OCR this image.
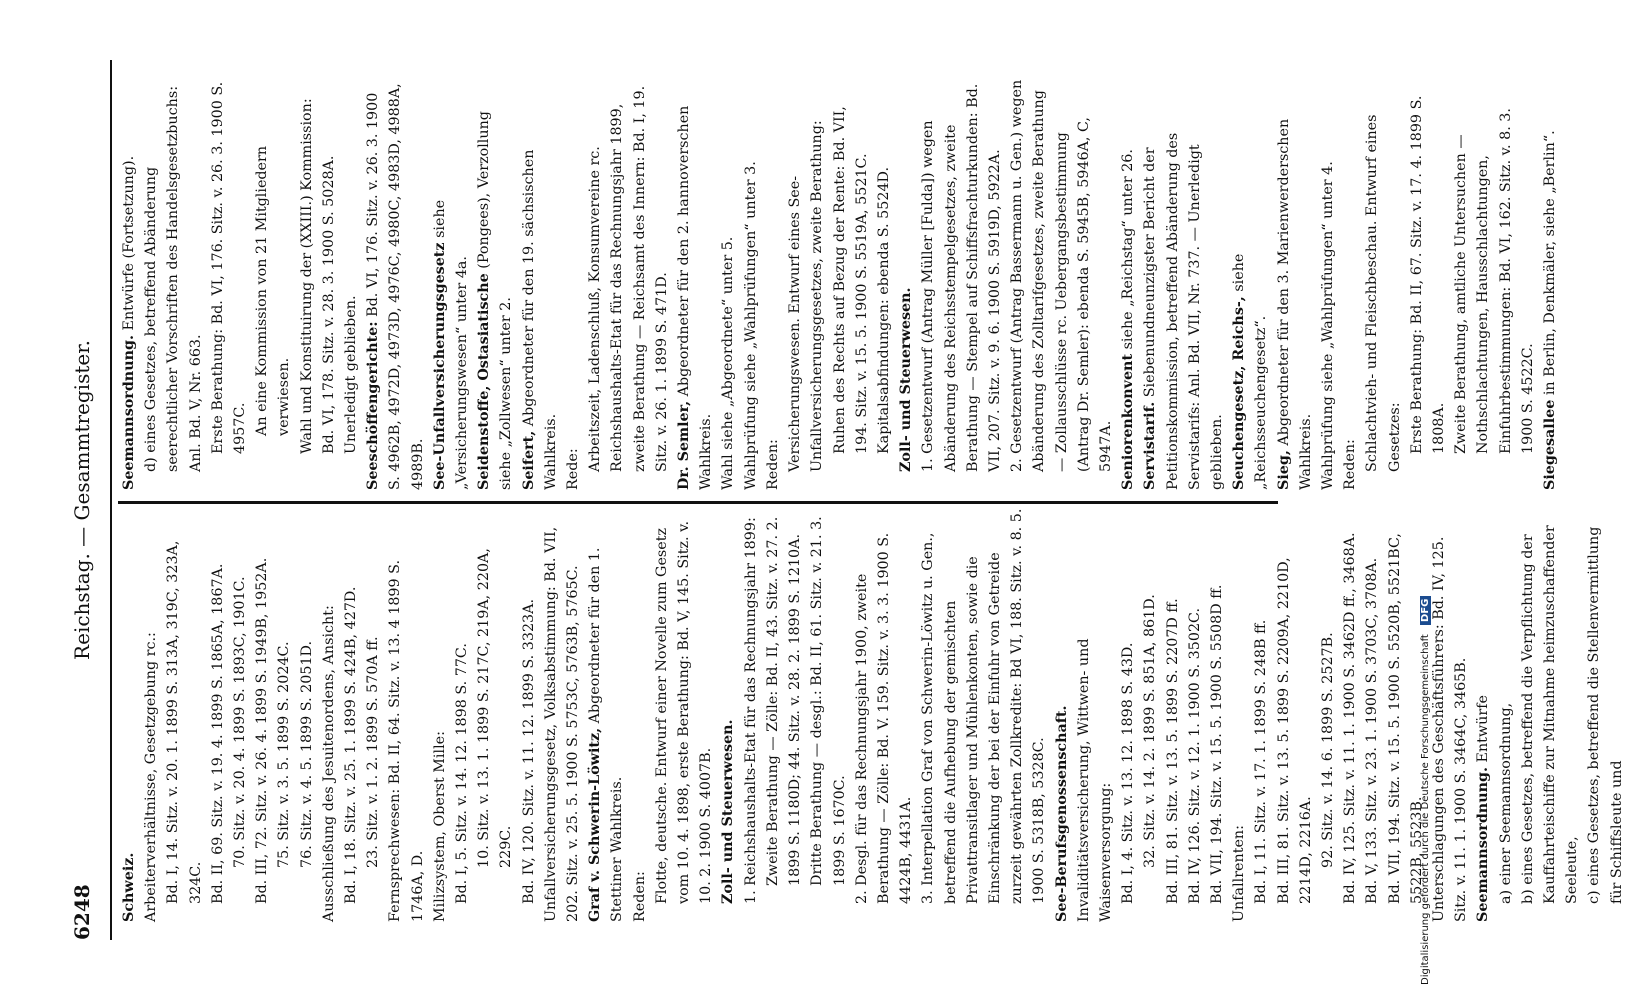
6248
Reichstag. — Gesammtregister.

Schweiz. Arbeiterverhältnisse, Gesetzgebung rc.: Bd. I, 14. Sitz. v. 20. 1. 1899 S. 313A, 319C, 323A, 324C. Bd. II, 69. Sitz. v. 19. 4. 1899 S. 1865A, 1867A. 70. Sitz. v. 20. 4. 1899 S. 1893C, 1901C. Bd. III, 72. Sitz. v. 26. 4. 1899 S. 1949B, 1952A. 75. Sitz. v. 3. 5. 1899 S. 2024C. 76. Sitz. v. 4. 5. 1899 S. 2051D. Ausschließung des Jesuitenordens, Ansicht: Bd. I, 18. Sitz. v. 25. 1. 1899 S. 424B, 427D. 23. Sitz. v. 1. 2. 1899 S. 570A ff. Fernsprechwesen: Bd. II, 64. Sitz. v. 13. 4 1899 S. 1746A, D. Milizsystem, Oberst Mille: Bd. I, 5. Sitz. v. 14. 12. 1898 S. 77C. 10. Sitz. v. 13. 1. 1899 S. 217C, 219A, 220A, 229C. Bd. IV, 120. Sitz. v. 11. 12. 1899 S. 3323A. Unfallversicherungsgesetz, Volksabstimmung: Bd. VII, 202. Sitz. v. 25. 5. 1900 S. 5753C, 5763B, 5765C. Graf v. Schwerin-Löwitz, Abgeordneter für den 1. Stettiner Wahlkreis. Reden: Flotte, deutsche. Entwurf einer Novelle zum Gesetz vom 10. 4. 1898, erste Berathung: Bd. V, 145. Sitz. v. 10. 2. 1900 S. 4007B. Zoll- und Steuerwesen. 1. Reichshaushalts-Etat für das Rechnungsjahr 1899: Zweite Berathung — Zölle: Bd. II, 43. Sitz. v. 27. 2. 1899 S. 1180D; 44. Sitz. v. 28. 2. 1899 S. 1210A. Dritte Berathung — desgl.: Bd. II, 61. Sitz. v. 21. 3. 1899 S. 1670C. 2. Desgl. für das Rechnungsjahr 1900, zweite Berathung — Zölle: Bd. V. 159. Sitz. v. 3. 3. 1900 S. 4424B, 4431A. 3. Interpellation Graf von Schwerin-Löwitz u. Gen., betreffend die Aufhebung der gemischten Privattransitlager und Mühlenkonten, sowie die Einschränkung der bei der Einfuhr von Getreide zurzeit gewährten Zollkredite: Bd VI, 188. Sitz. v. 8. 5. 1900 S. 5318B, 5328C. See-Berufsgenossenschaft. Invaliditätsversicherung, Wittwen- und Waisenversorgung: Bd. I, 4. Sitz. v. 13. 12. 1898 S. 43D. 32. Sitz. v. 14. 2. 1899 S. 851A, 861D. Bd. III, 81. Sitz. v. 13. 5. 1899 S. 2207D ff. Bd. IV, 126. Sitz. v. 12. 1. 1900 S. 3502C. Bd. VII, 194. Sitz. v. 15. 5. 1900 S. 5508D ff. Unfallrenten: Bd. I, 11. Sitz. v. 17. 1. 1899 S. 248B ff. Bd. III, 81. Sitz. v. 13. 5. 1899 S. 2209A, 2210D, 2214D, 2216A. 92. Sitz. v. 14. 6. 1899 S. 2527B. Bd. IV, 125. Sitz. v. 11. 1. 1900 S. 3462D ff., 3468A. Bd. V, 133. Sitz. v. 23. 1. 1900 S. 3703C, 3708A. Bd. VII, 194. Sitz. v. 15. 5. 1900 S. 5520B, 5521BC, 5522B, 5523B. Unterschlagungen des Geschäftsführers: Bd. IV, 125. Sitz. v. 11. 1. 1900 S. 3464C, 3465B. Seemannsordnung. Entwürfe a) einer Seemannsordnung, b) eines Gesetzes, betreffend die Verpflichtung der Kauffahrteischiffe zur Mitnahme heimzuschaffender Seeleute, c) eines Gesetzes, betreffend die Stellenvermittlung für Schiffsleute und

Seemannsordnung. Entwürfe (Fortsetzung). d) eines Gesetzes, betreffend Abänderung seerechtlicher Vorschriften des Handelsgesetzbuchs: Anl. Bd. V, Nr. 663. Erste Berathung: Bd. VI, 176. Sitz. v. 26. 3. 1900 S. 4957C. An eine Kommission von 21 Mitgliedern verwiesen. Wahl und Konstituirung der (XXIII.) Kommission: Bd. VI, 178. Sitz. v. 28. 3. 1900 S. 5028A. Unerledigt geblieben. Seeschöffengerichte: Bd. VI, 176. Sitz. v. 26. 3. 1900 S. 4962B, 4972D, 4973D, 4976C, 4980C, 4983D, 4988A, 4989B. See-Unfallversicherungsgesetz siehe „Versicherungswesen“ unter 4a. Seidenstoffe, Ostasiatische (Pongees), Verzollung siehe „Zollwesen“ unter 2. Seifert, Abgeordneter für den 19. sächsischen Wahlkreis. Rede: Arbeitszeit, Ladenschluß, Konsumvereine rc. Reichshaushalts-Etat für das Rechnungsjahr 1899, zweite Berathung — Reichsamt des Innern: Bd. I, 19. Sitz. v. 26. 1. 1899 S. 471D. Dr. Semler, Abgeordneter für den 2. hannoverschen Wahlkreis. Wahl siehe „Abgeordnete“ unter 5. Wahlprüfung siehe „Wahlprüfungen“ unter 3. Reden: Versicherungswesen. Entwurf eines See-Unfallversicherungsgesetzes, zweite Berathung: Ruhen des Rechts auf Bezug der Rente: Bd. VII, 194. Sitz. v. 15. 5. 1900 S. 5519A, 5521C. Kapitalsabfindungen: ebenda S. 5524D. Zoll- und Steuerwesen. 1. Gesetzentwurf (Antrag Müller [Fulda]) wegen Abänderung des Reichsstempelgesetzes, zweite Berathung — Stempel auf Schiffsfrachturkunden: Bd. VII, 207. Sitz. v. 9. 6. 1900 S. 5919D, 5922A. 2. Gesetzentwurf (Antrag Bassermann u. Gen.) wegen Abänderung des Zolltarifgesetzes, zweite Berathung — Zollausschlüsse rc. Uebergangsbestimmung (Antrag Dr. Semler): ebenda S. 5945B, 5946A, C, 5947A. Seniorenkonvent siehe „Reichstag“ unter 26.

Servistarif. Siebenundneunzigster Bericht der Petitionskommission, betreffend Abänderung des Servistarifs: Anl. Bd. VII, Nr. 737. — Unerledigt geblieben. Seuchengesetz, Reichs-, siehe „Reichsseuchengesetz“. Sieg, Abgeordneter für den 3. Marienwerderschen Wahlkreis. Wahlprüfung siehe „Wahlprüfungen“ unter 4. Reden: Schlachtvieh- und Fleischbeschau. Entwurf eines Gesetzes: Erste Berathung: Bd. II, 67. Sitz. v. 17. 4. 1899 S. 1808A. Zweite Berathung, amtliche Untersuchen — Nothschlachtungen, Hausschlachtungen, Einfuhrbestimmungen: Bd. VI, 162. Sitz. v. 8. 3. 1900 S. 4522C. Siegesallee in Berlin, Denkmäler, siehe „Berlin“.

Digitalisierung gefördert durch die Deutsche Forschungsgemeinschaft DFG
